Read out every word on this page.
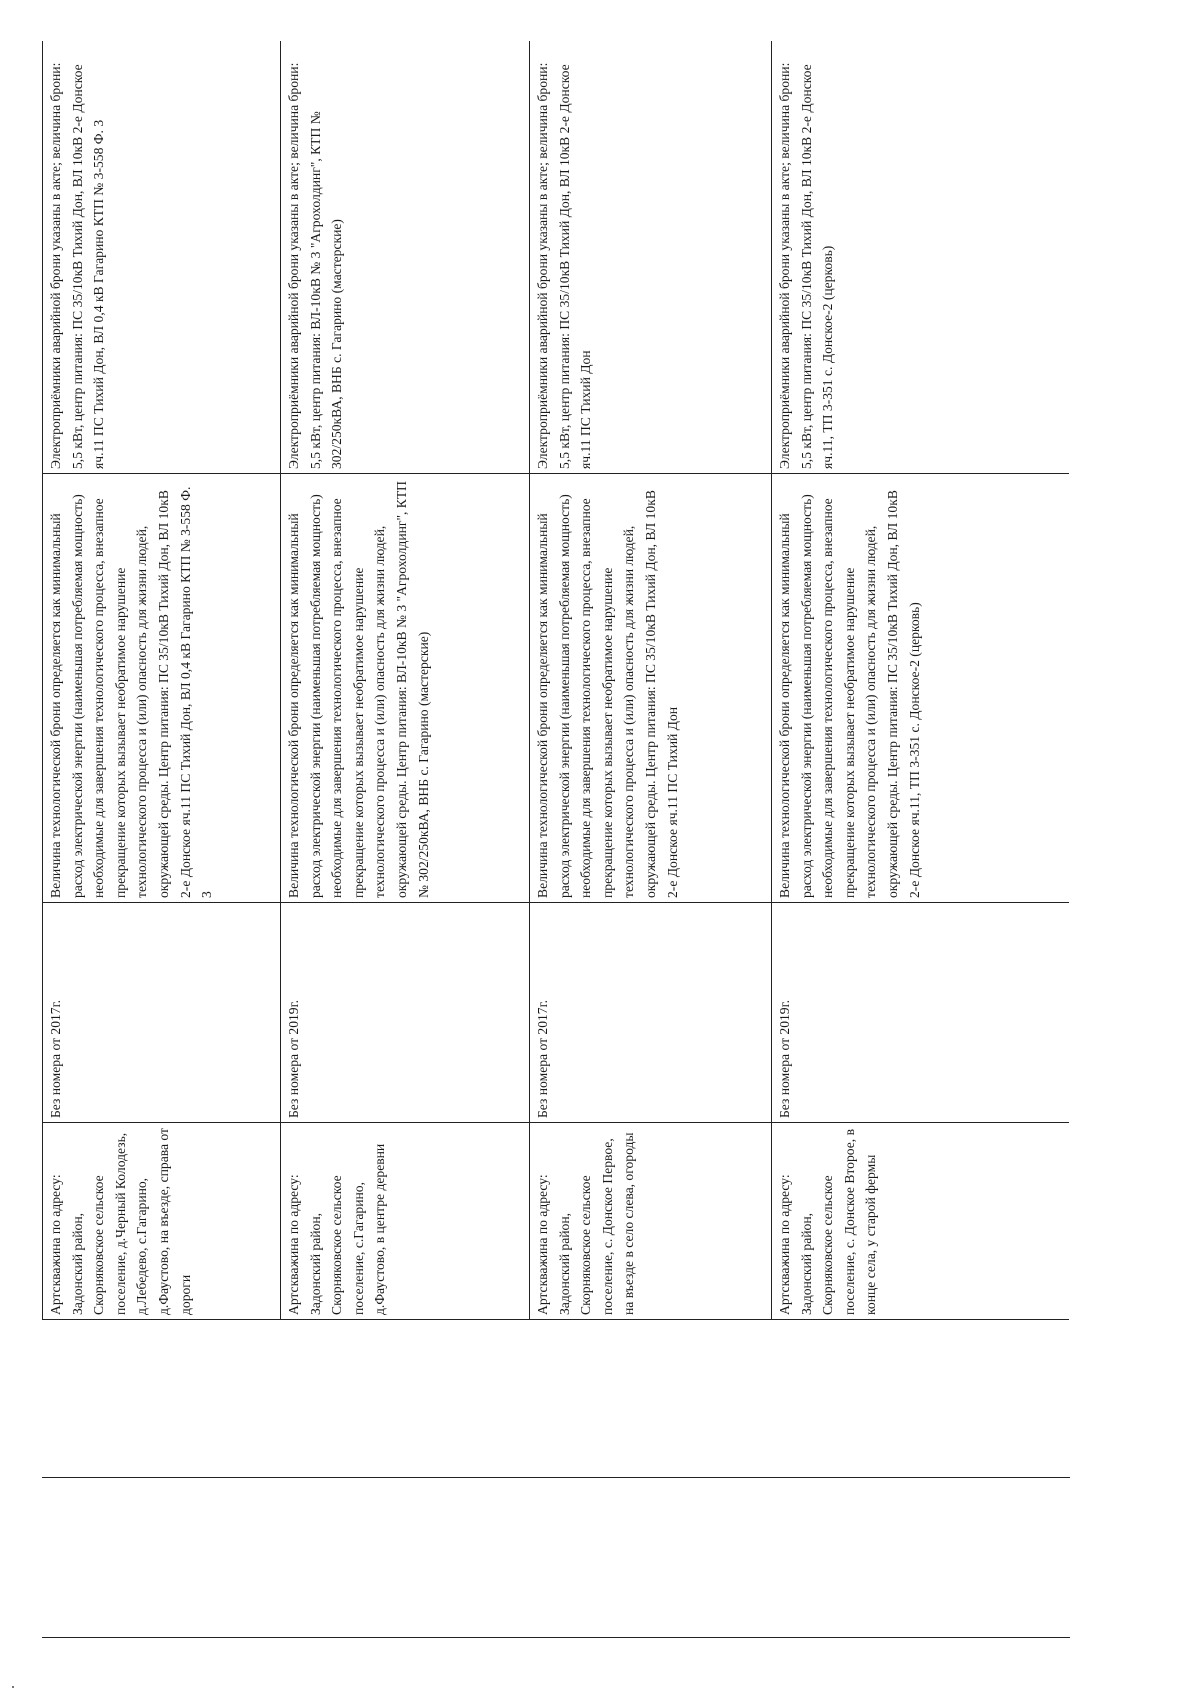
Артскважина по адресу: Задонский район, Скорняковское сельское поселение, д.Черный Колодезь, д.Лебедево, с.Гагарино, д.Фаустово, на въезде, справа от дороги	Без номера от 2017г.	Величина технологической брони определяется как минимальный расход электрической энергии (наименьшая потребляемая мощность) необходимые для завершения технологического процесса, внезапное прекращение которых вызывает необратимое нарушение технологического процесса и (или) опасность для жизни людей, окружающей среды. Центр питания: ПС 35/10кВ Тихий Дон, ВЛ 10кВ 2-е Донское яч.11 ПС Тихий Дон, ВЛ 0,4 кВ Гагарино КТП № 3-558 Ф. 3	Электроприёмники аварийной брони указаны в акте; величина брони: 5,5 кВт, центр питания: ПС 35/10кВ Тихий Дон, ВЛ 10кВ 2-е Донское яч.11 ПС Тихий Дон, ВЛ 0,4 кВ Гагарино КТП № 3-558 Ф. 3
Артскважина по адресу: Задонский район, Скорняковское сельское поселение, с.Гагарино, д.Фаустово, в центре деревни	Без номера от 2019г.	Величина технологической брони определяется как минимальный расход электрической энергии (наименьшая потребляемая мощность) необходимые для завершения технологического процесса, внезапное прекращение которых вызывает необратимое нарушение технологического процесса и (или) опасность для жизни людей, окружающей среды. Центр питания: ВЛ-10кВ № 3 "Агрохолдинг", КТП № 302/250кВА, ВНБ с. Гагарино (мастерские)	Электроприёмники аварийной брони указаны в акте; величина брони: 5,5 кВт, центр питания: ВЛ-10кВ № 3 "Агрохолдинг", КТП № 302/250кВА, ВНБ с. Гагарино (мастерские)
Артскважина по адресу: Задонский район, Скорняковское сельское поселение, с. Донское Первое, на въезде в село слева, огороды	Без номера от 2017г.	Величина технологической брони определяется как минимальный расход электрической энергии (наименьшая потребляемая мощность) необходимые для завершения технологического процесса, внезапное прекращение которых вызывает необратимое нарушение технологического процесса и (или) опасность для жизни людей, окружающей среды. Центр питания: ПС 35/10кВ Тихий Дон, ВЛ 10кВ 2-е Донское яч.11 ПС Тихий Дон	Электроприёмники аварийной брони указаны в акте; величина брони: 5,5 кВт, центр питания: ПС 35/10кВ Тихий Дон, ВЛ 10кВ 2-е Донское яч.11 ПС Тихий Дон
Артскважина по адресу: Задонский район, Скорняковское сельское поселение, с. Донское Второе, в конце села, у старой фермы	Без номера от 2019г.	Величина технологической брони определяется как минимальный расход электрической энергии (наименьшая потребляемая мощность) необходимые для завершения технологического процесса, внезапное прекращение которых вызывает необратимое нарушение технологического процесса и (или) опасность для жизни людей, окружающей среды. Центр питания: ПС 35/10кВ Тихий Дон, ВЛ 10кВ 2-е Донское яч.11, ТП 3-351 с. Донское-2 (церковь)	Электроприёмники аварийной брони указаны в акте; величина брони: 5,5 кВт, центр питания: ПС 35/10кВ Тихий Дон, ВЛ 10кВ 2-е Донское яч.11, ТП 3-351 с. Донское-2 (церковь)
